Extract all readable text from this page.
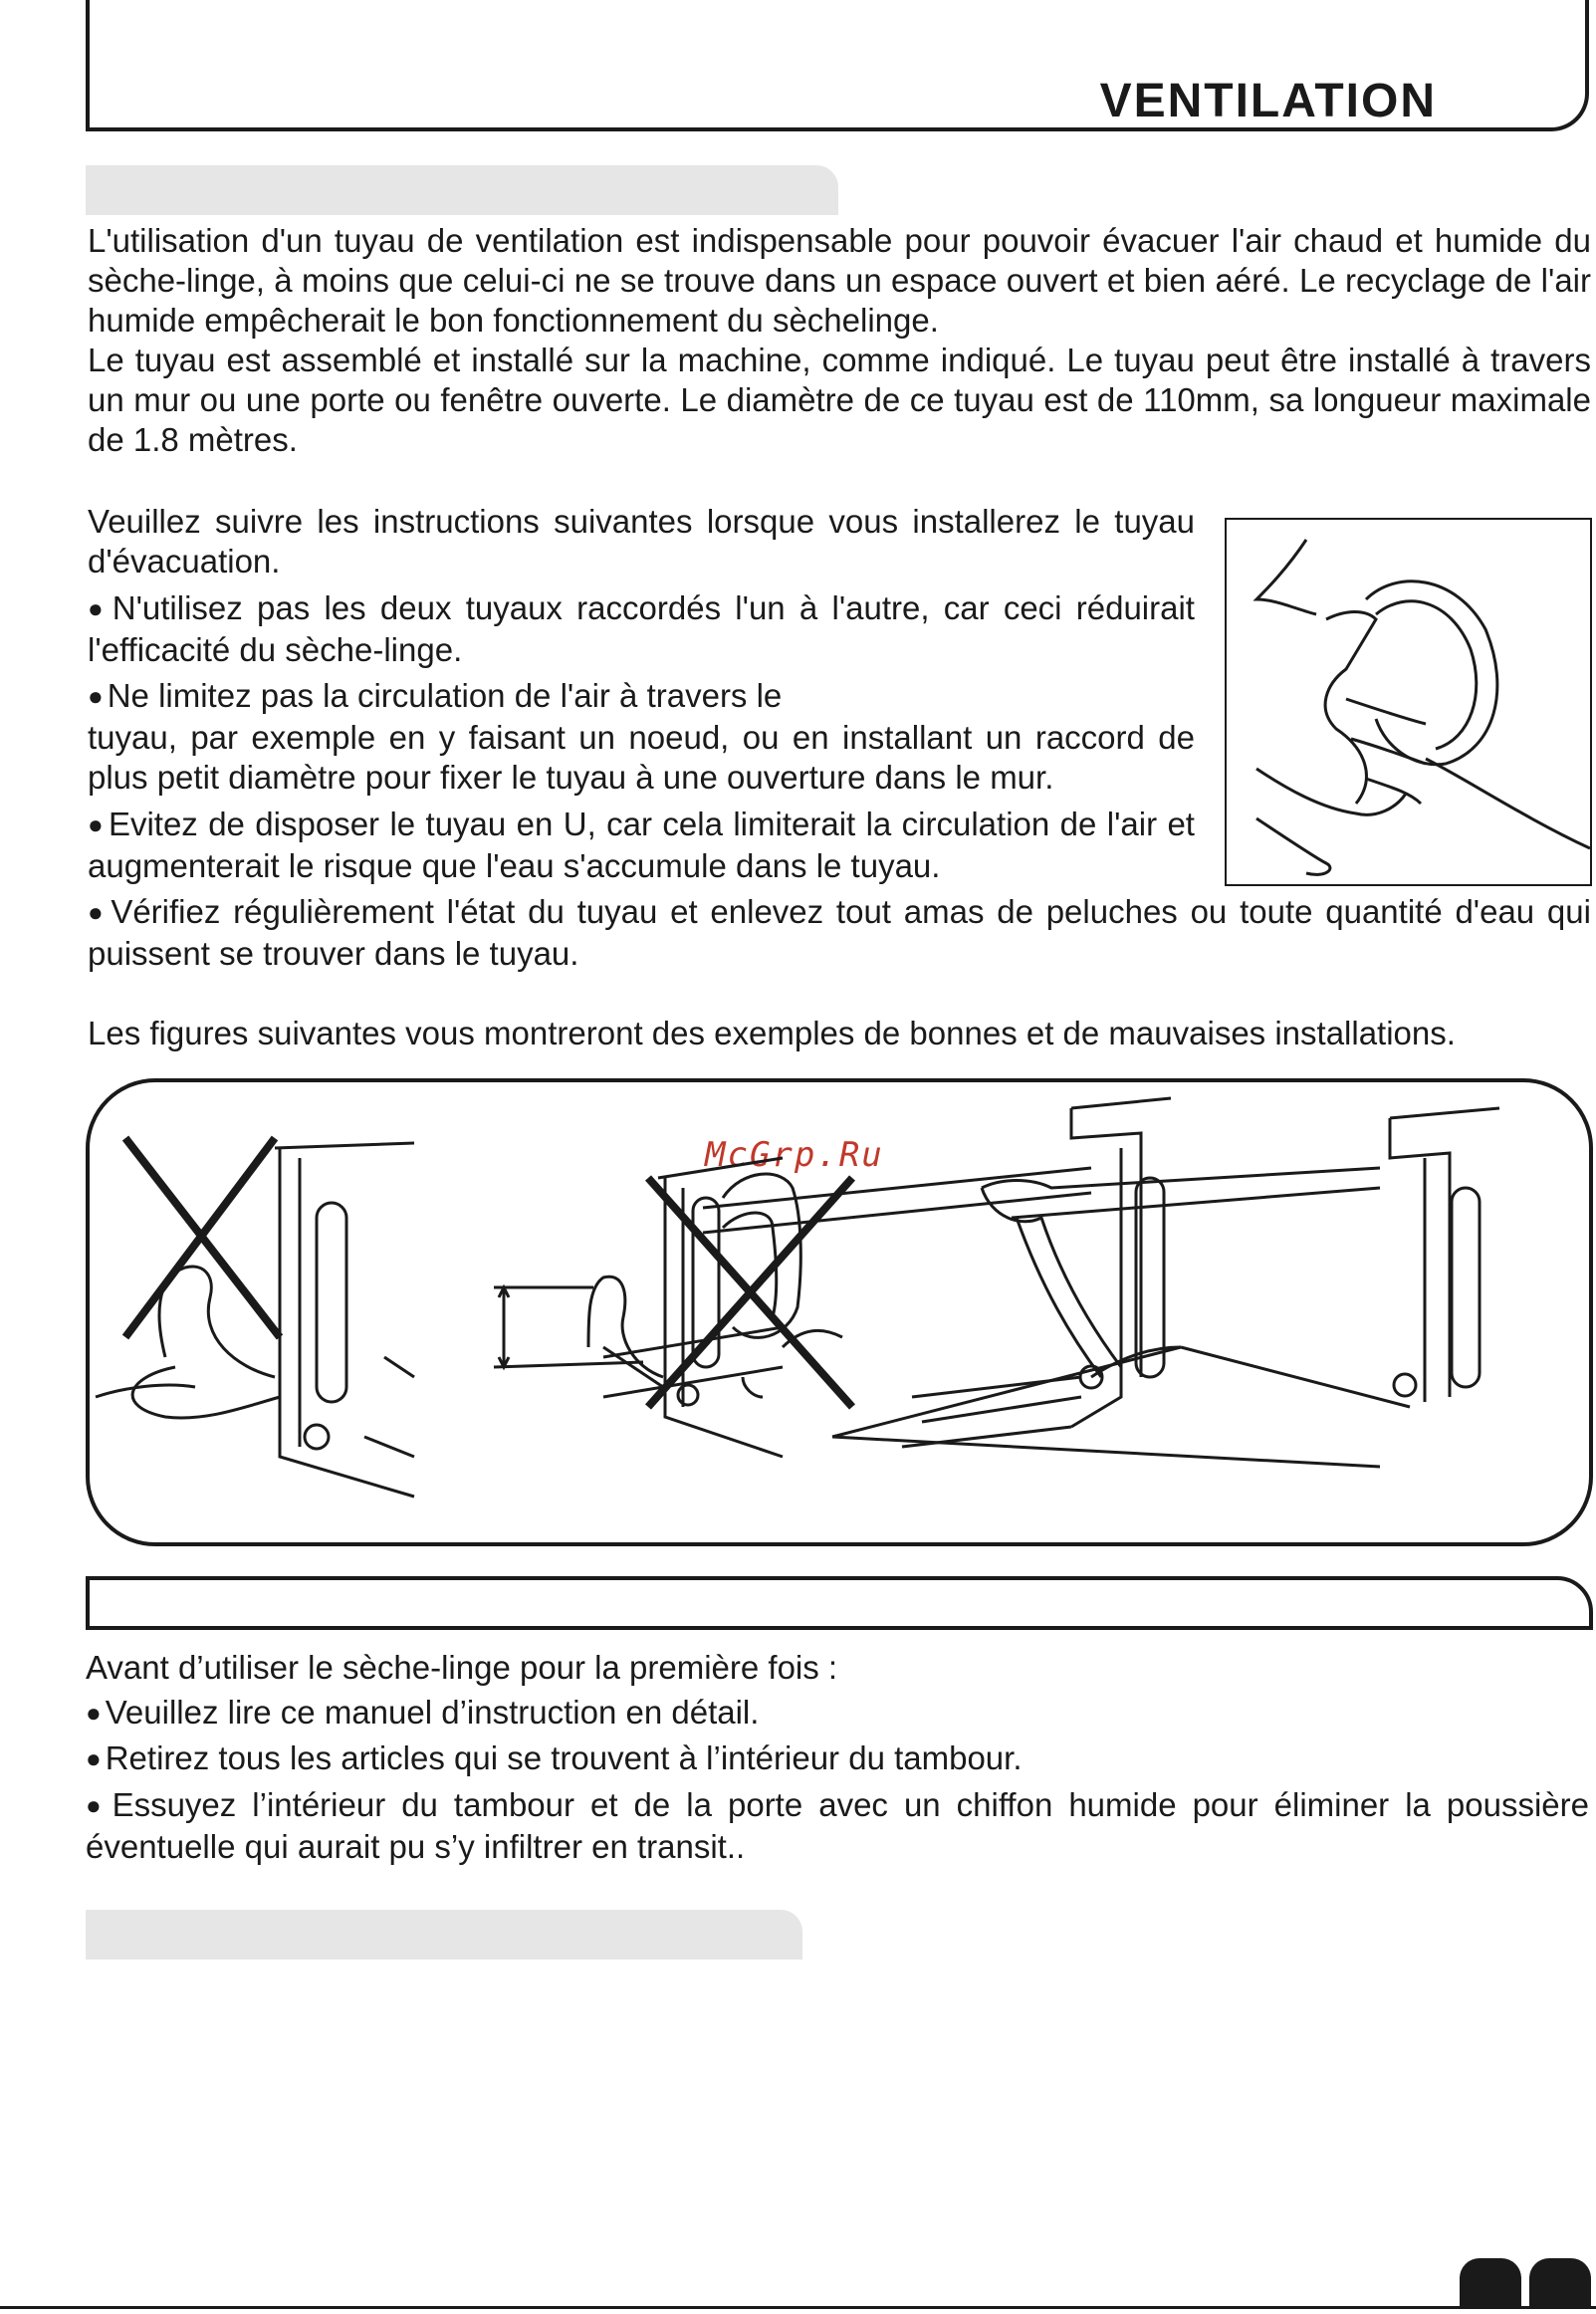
VENTILATION

L'utilisation d'un tuyau de ventilation est indispensable pour pouvoir évacuer l'air chaud et humide du sèche-linge, à moins que celui-ci ne se trouve dans un espace ouvert et bien aéré. Le recyclage de l'air humide empêcherait le bon fonctionnement du sèchelinge.

Le tuyau est assemblé et installé sur la machine, comme indiqué. Le tuyau peut être installé à travers un mur ou une porte ou fenêtre ouverte. Le diamètre de ce tuyau est de 110mm, sa longueur maximale de 1.8 mètres.

Veuillez suivre les instructions suivantes lorsque vous installerez le tuyau d'évacuation.

● N'utilisez pas les deux tuyaux raccordés l'un à l'autre, car ceci réduirait l'efficacité du sèche-linge.

● Ne limitez pas la circulation de l'air à travers le

tuyau, par exemple en y faisant un noeud, ou en installant un raccord de plus petit diamètre pour fixer le tuyau à une ouverture dans le mur.

● Evitez de disposer le tuyau en U, car cela limiterait la circulation de l'air et augmenterait le risque que l'eau s'accumule dans le tuyau.

● Vérifiez régulièrement l'état du tuyau et enlevez tout amas de peluches ou toute quantité d'eau qui puissent se trouver dans le tuyau.

Les figures suivantes vous montreront des exemples de bonnes et de mauvaises installations.

McGrp.Ru

Avant d’utiliser le sèche-linge pour la première fois :

● Veuillez lire ce manuel d’instruction en détail.

● Retirez tous les articles qui se trouvent à l’intérieur du tambour.

● Essuyez l’intérieur du tambour et de la porte avec un chiffon humide pour éliminer la poussière éventuelle qui aurait pu s’y infiltrer en transit..
